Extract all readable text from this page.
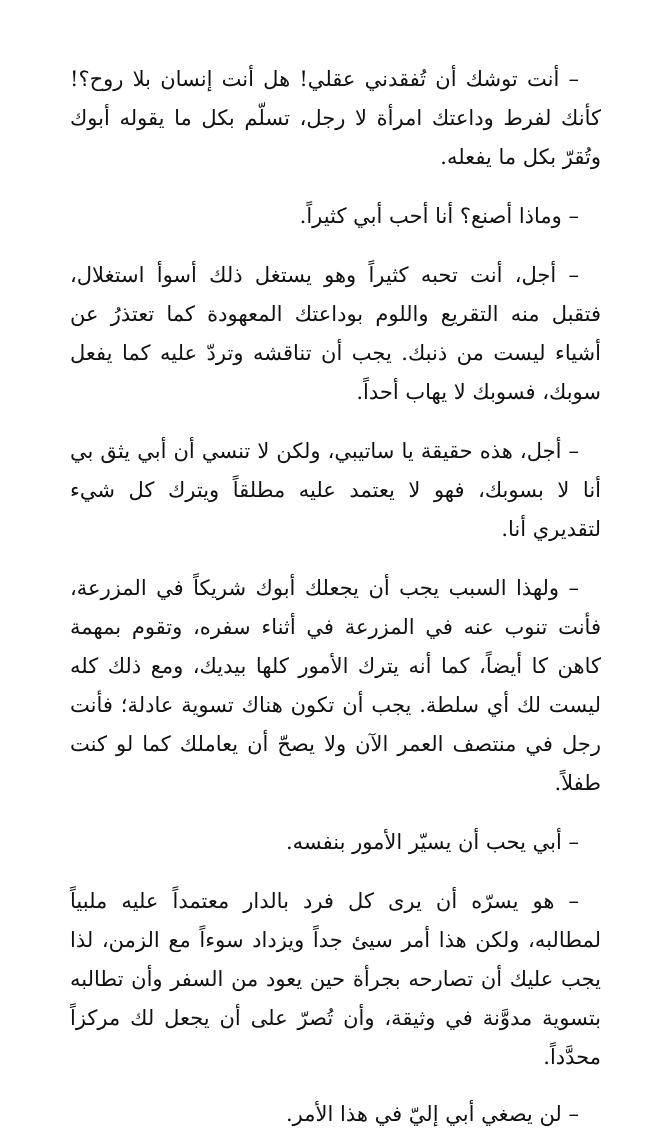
– أنت توشك أن تُفقدني عقلي! هل أنت إنسان بلا روح؟! كأنك لفرط وداعتك امرأة لا رجل، تسلّم بكل ما يقوله أبوك وتُقرّ بكل ما يفعله.

– وماذا أصنع؟ أنا أحب أبي كثيراً.

– أجل، أنت تحبه كثيراً وهو يستغل ذلك أسوأ استغلال، فتقبل منه التقريع واللوم بوداعتك المعهودة كما تعتذرُ عن أشياء ليست من ذنبك. يجب أن تناقشه وتردّ عليه كما يفعل سوبك، فسوبك لا يهاب أحداً.

– أجل، هذه حقيقة يا ساتيبي، ولكن لا تنسي أن أبي يثق بي أنا لا بسوبك، فهو لا يعتمد عليه مطلقاً ويترك كل شيء لتقديري أنا.

– ولهذا السبب يجب أن يجعلك أبوك شريكاً في المزرعة، فأنت تنوب عنه في المزرعة في أثناء سفره، وتقوم بمهمة كاهن كا أيضاً، كما أنه يترك الأمور كلها بيديك، ومع ذلك كله ليست لك أي سلطة. يجب أن تكون هناك تسوية عادلة؛ فأنت رجل في منتصف العمر الآن ولا يصحّ أن يعاملك كما لو كنت طفلاً.

– أبي يحب أن يسيّر الأمور بنفسه.

– هو يسرّه أن يرى كل فرد بالدار معتمداً عليه ملبياً لمطالبه، ولكن هذا أمر سيئ جداً ويزداد سوءاً مع الزمن، لذا يجب عليك أن تصارحه بجرأة حين يعود من السفر وأن تطالبه بتسوية مدوَّنة في وثيقة، وأن تُصرّ على أن يجعل لك مركزاً محدَّداً.

– لن يصغي أبي إليّ في هذا الأمر.
